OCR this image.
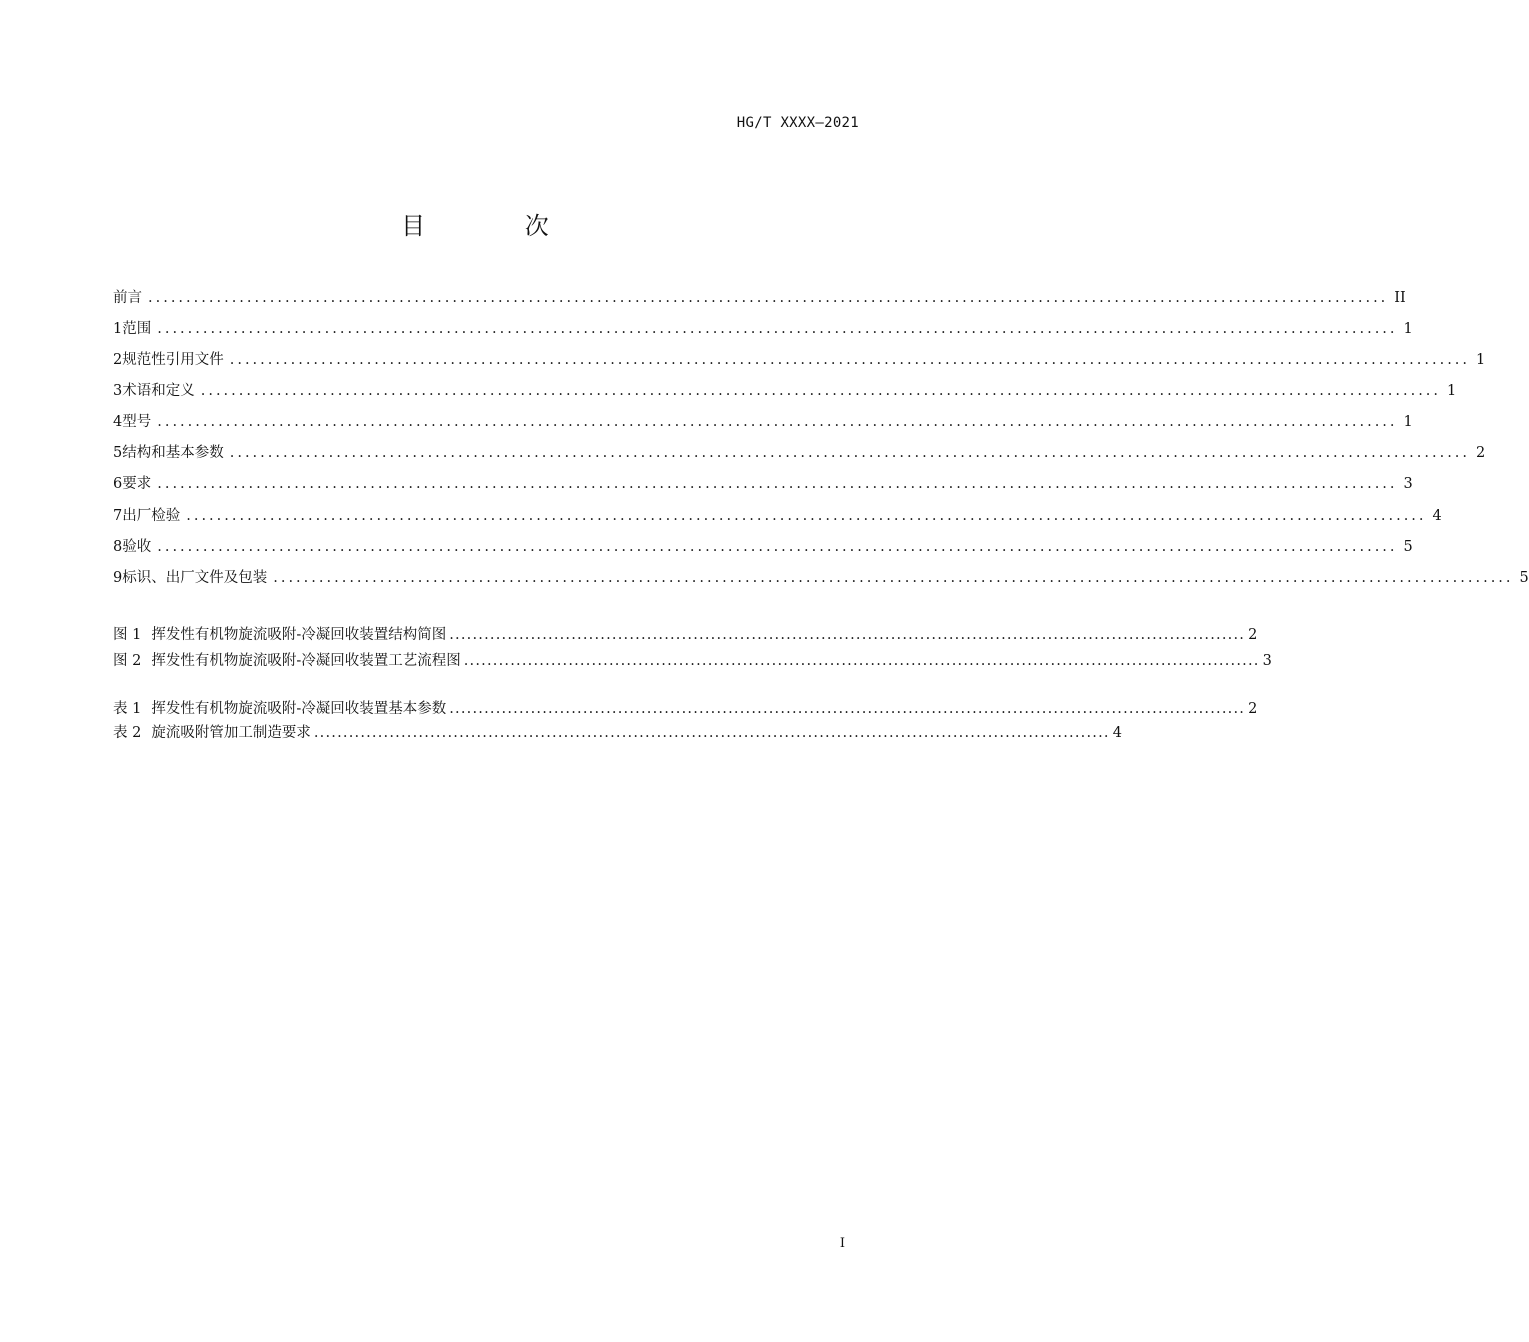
HG/T XXXX—2021
目 次
前言 ................................................................................................................................................................... II
1 范围 ................................................................................................................................................................... 1
2 规范性引用文件 ................................................................................................................................................................... 1
3 术语和定义 ................................................................................................................................................................... 1
4 型号 ................................................................................................................................................................... 1
5 结构和基本参数 ................................................................................................................................................................... 2
6 要求 ................................................................................................................................................................... 3
7 出厂检验 ................................................................................................................................................................... 4
8 验收 ................................................................................................................................................................... 5
9 标识、出厂文件及包装 ................................................................................................................................................................... 5
图 1 挥发性有机物旋流吸附-冷凝回收装置结构简图 ......................................................................................................................................... 2
图 2 挥发性有机物旋流吸附-冷凝回收装置工艺流程图 ......................................................................................................................................... 3
表 1 挥发性有机物旋流吸附-冷凝回收装置基本参数 ......................................................................................................................................... 2
表 2 旋流吸附管加工制造要求 ......................................................................................................................................... 4
I
